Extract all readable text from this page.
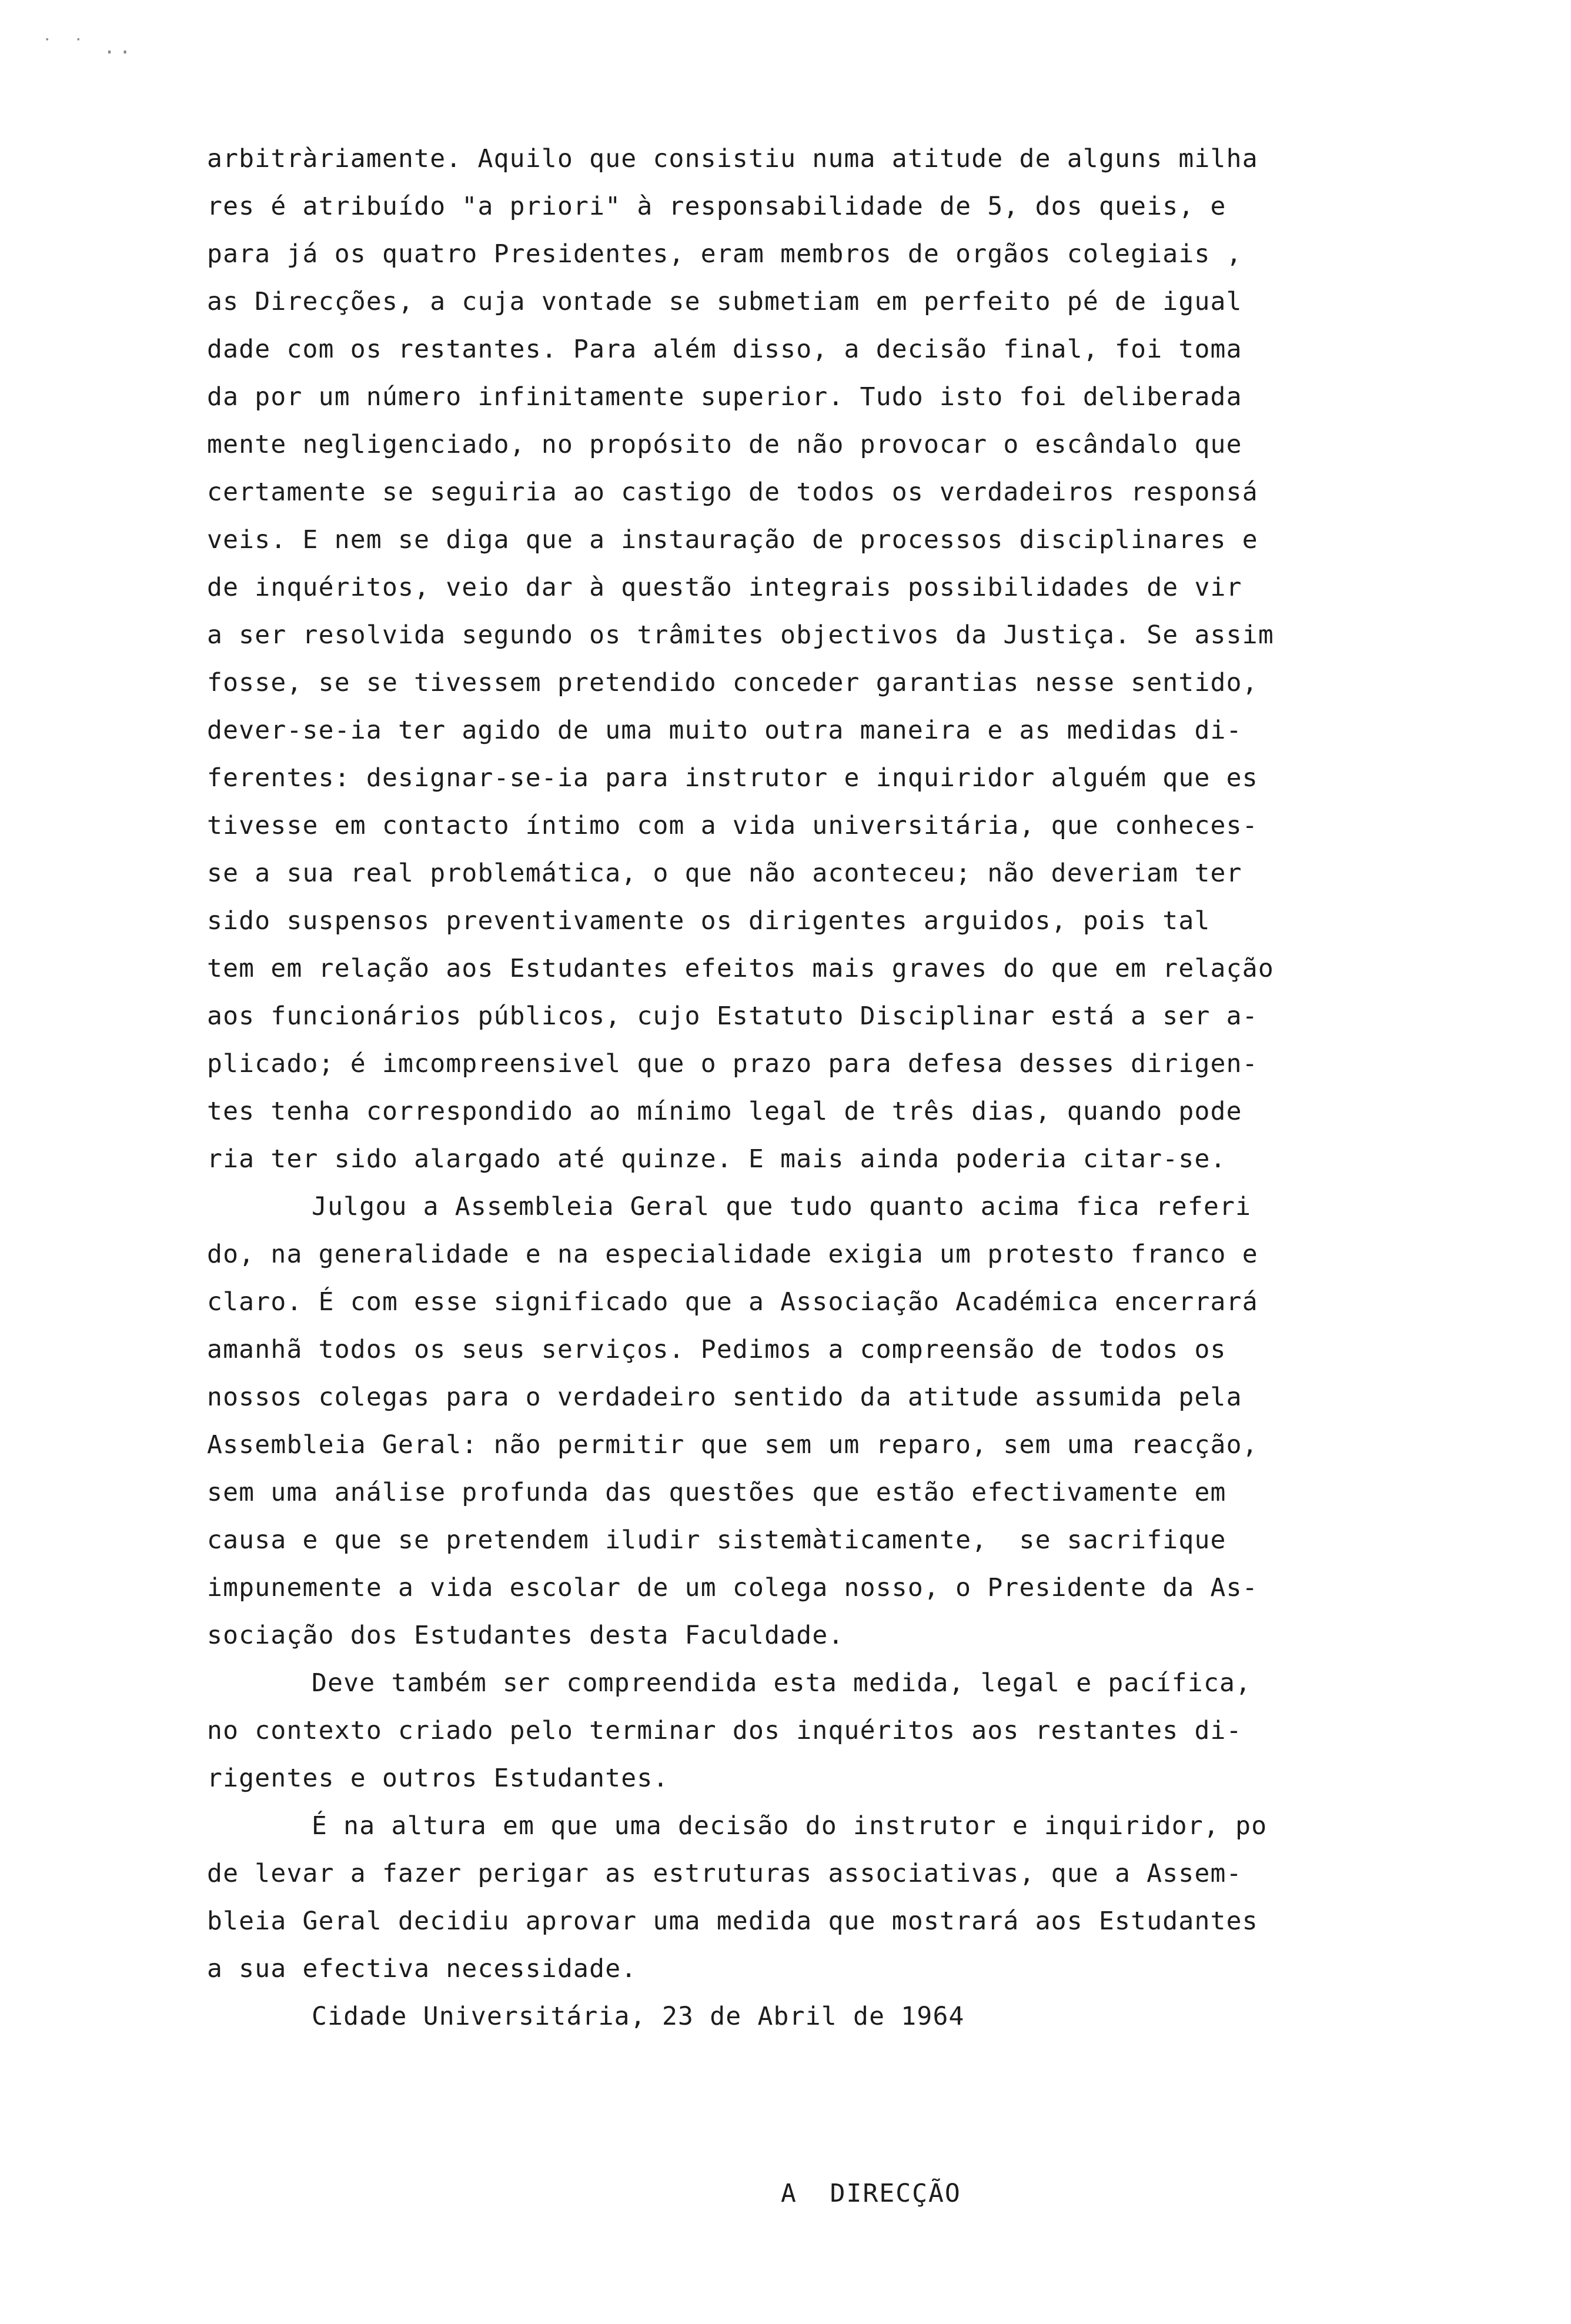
˙ ˙ ..
arbitràriamente. Aquilo que consistiu numa atitude de alguns milha
res é atribuído "a priori" à responsabilidade de 5, dos queis, e
para já os quatro Presidentes, eram membros de orgãos colegiais ,
as Direcções, a cuja vontade se submetiam em perfeito pé de igual
dade com os restantes. Para além disso, a decisão final, foi toma
da por um número infinitamente superior. Tudo isto foi deliberada
mente negligenciado, no propósito de não provocar o escândalo que
certamente se seguiria ao castigo de todos os verdadeiros responsá
veis. E nem se diga que a instauração de processos disciplinares e
de inquéritos, veio dar à questão integrais possibilidades de vir
a ser resolvida segundo os trâmites objectivos da Justiça. Se assim
fosse, se se tivessem pretendido conceder garantias nesse sentido,
dever-se-ia ter agido de uma muito outra maneira e as medidas di-
ferentes: designar-se-ia para instrutor e inquiridor alguém que es
tivesse em contacto íntimo com a vida universitária, que conheces-
se a sua real problemática, o que não aconteceu; não deveriam ter
sido suspensos preventivamente os dirigentes arguidos, pois tal
tem em relação aos Estudantes efeitos mais graves do que em relação
aos funcionários públicos, cujo Estatuto Disciplinar está a ser a-
plicado; é imcompreensivel que o prazo para defesa desses dirigen-
tes tenha correspondido ao mínimo legal de três dias, quando pode
ria ter sido alargado até quinze. E mais ainda poderia citar-se.
Julgou a Assembleia Geral que tudo quanto acima fica referi
do, na generalidade e na especialidade exigia um protesto franco e
claro. É com esse significado que a Associação Académica encerrará
amanhã todos os seus serviços. Pedimos a compreensão de todos os
nossos colegas para o verdadeiro sentido da atitude assumida pela
Assembleia Geral: não permitir que sem um reparo, sem uma reacção,
sem uma análise profunda das questões que estão efectivamente em
causa e que se pretendem iludir sistemàticamente,  se sacrifique
impunemente a vida escolar de um colega nosso, o Presidente da As-
sociação dos Estudantes desta Faculdade.
Deve também ser compreendida esta medida, legal e pacífica,
no contexto criado pelo terminar dos inquéritos aos restantes di-
rigentes e outros Estudantes.
É na altura em que uma decisão do instrutor e inquiridor, po
de levar a fazer perigar as estruturas associativas, que a Assem-
bleia Geral decidiu aprovar uma medida que mostrará aos Estudantes
a sua efectiva necessidade.
Cidade Universitária, 23 de Abril de 1964
A  DIRECÇÃO
